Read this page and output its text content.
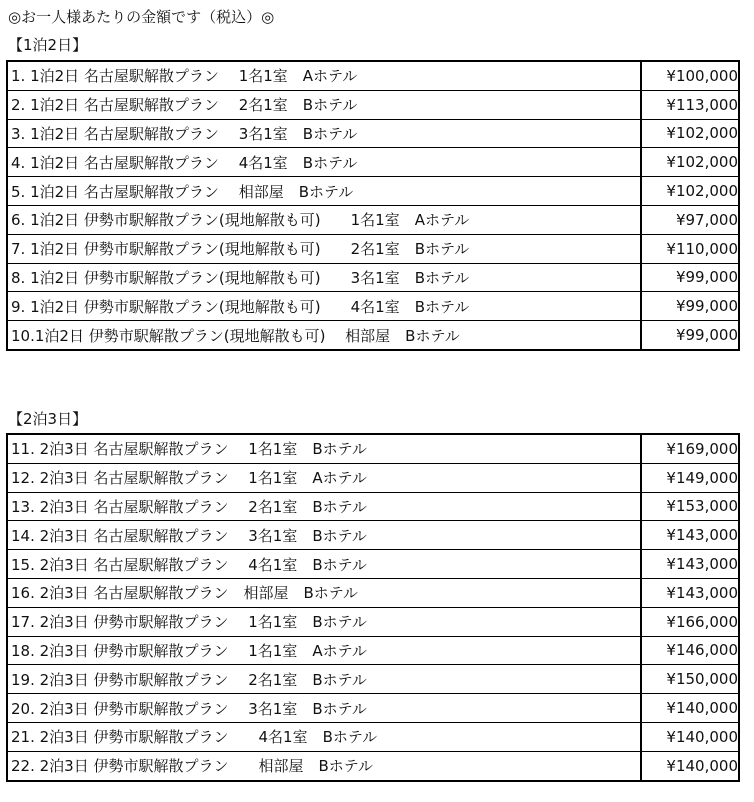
◎お一人様あたりの金額です（税込）◎
【1泊2日】
1. 1泊2日 名古屋駅解散プラン　 1名1室　Aホテル	¥100,000
2. 1泊2日 名古屋駅解散プラン　 2名1室　Bホテル	¥113,000
3. 1泊2日 名古屋駅解散プラン　 3名1室　Bホテル	¥102,000
4. 1泊2日 名古屋駅解散プラン　 4名1室　Bホテル	¥102,000
5. 1泊2日 名古屋駅解散プラン　 相部屋　Bホテル	¥102,000
6. 1泊2日 伊勢市駅解散プラン(現地解散も可)　　1名1室　Aホテル	¥97,000
7. 1泊2日 伊勢市駅解散プラン(現地解散も可)　　2名1室　Bホテル	¥110,000
8. 1泊2日 伊勢市駅解散プラン(現地解散も可)　　3名1室　Bホテル	¥99,000
9. 1泊2日 伊勢市駅解散プラン(現地解散も可)　　4名1室　Bホテル	¥99,000
10.1泊2日 伊勢市駅解散プラン(現地解散も可)　 相部屋　Bホテル	¥99,000
【2泊3日】
11. 2泊3日 名古屋駅解散プラン　 1名1室　Bホテル	¥169,000
12. 2泊3日 名古屋駅解散プラン　 1名1室　Aホテル	¥149,000
13. 2泊3日 名古屋駅解散プラン　 2名1室　Bホテル	¥153,000
14. 2泊3日 名古屋駅解散プラン　 3名1室　Bホテル	¥143,000
15. 2泊3日 名古屋駅解散プラン　 4名1室　Bホテル	¥143,000
16. 2泊3日 名古屋駅解散プラン　相部屋　Bホテル	¥143,000
17. 2泊3日 伊勢市駅解散プラン　 1名1室　Bホテル	¥166,000
18. 2泊3日 伊勢市駅解散プラン　 1名1室　Aホテル	¥146,000
19. 2泊3日 伊勢市駅解散プラン　 2名1室　Bホテル	¥150,000
20. 2泊3日 伊勢市駅解散プラン　 3名1室　Bホテル	¥140,000
21. 2泊3日 伊勢市駅解散プラン　　4名1室　Bホテル	¥140,000
22. 2泊3日 伊勢市駅解散プラン　　相部屋　Bホテル	¥140,000
